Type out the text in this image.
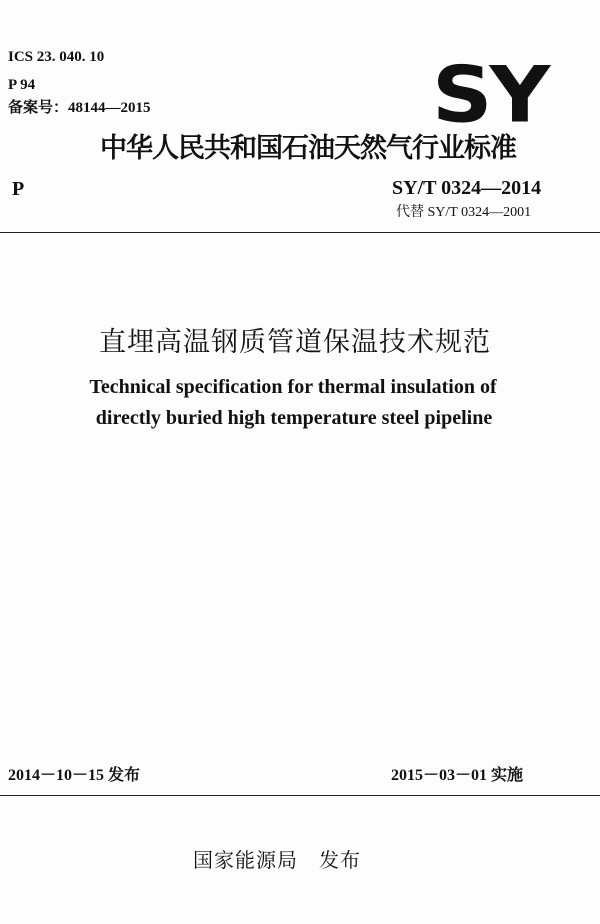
ICS 23. 040. 10
P 94
备案号：48144—2015	SY
中华人民共和国石油天然气行业标准
P	SY/T 0324—2014
代替 SY/T 0324—2001
直埋高温钢质管道保温技术规范
Technical specification for thermal insulation of
directly buried high temperature steel pipeline
2014－10－15 发布	2015－03－01 实施
国家能源局　发布
